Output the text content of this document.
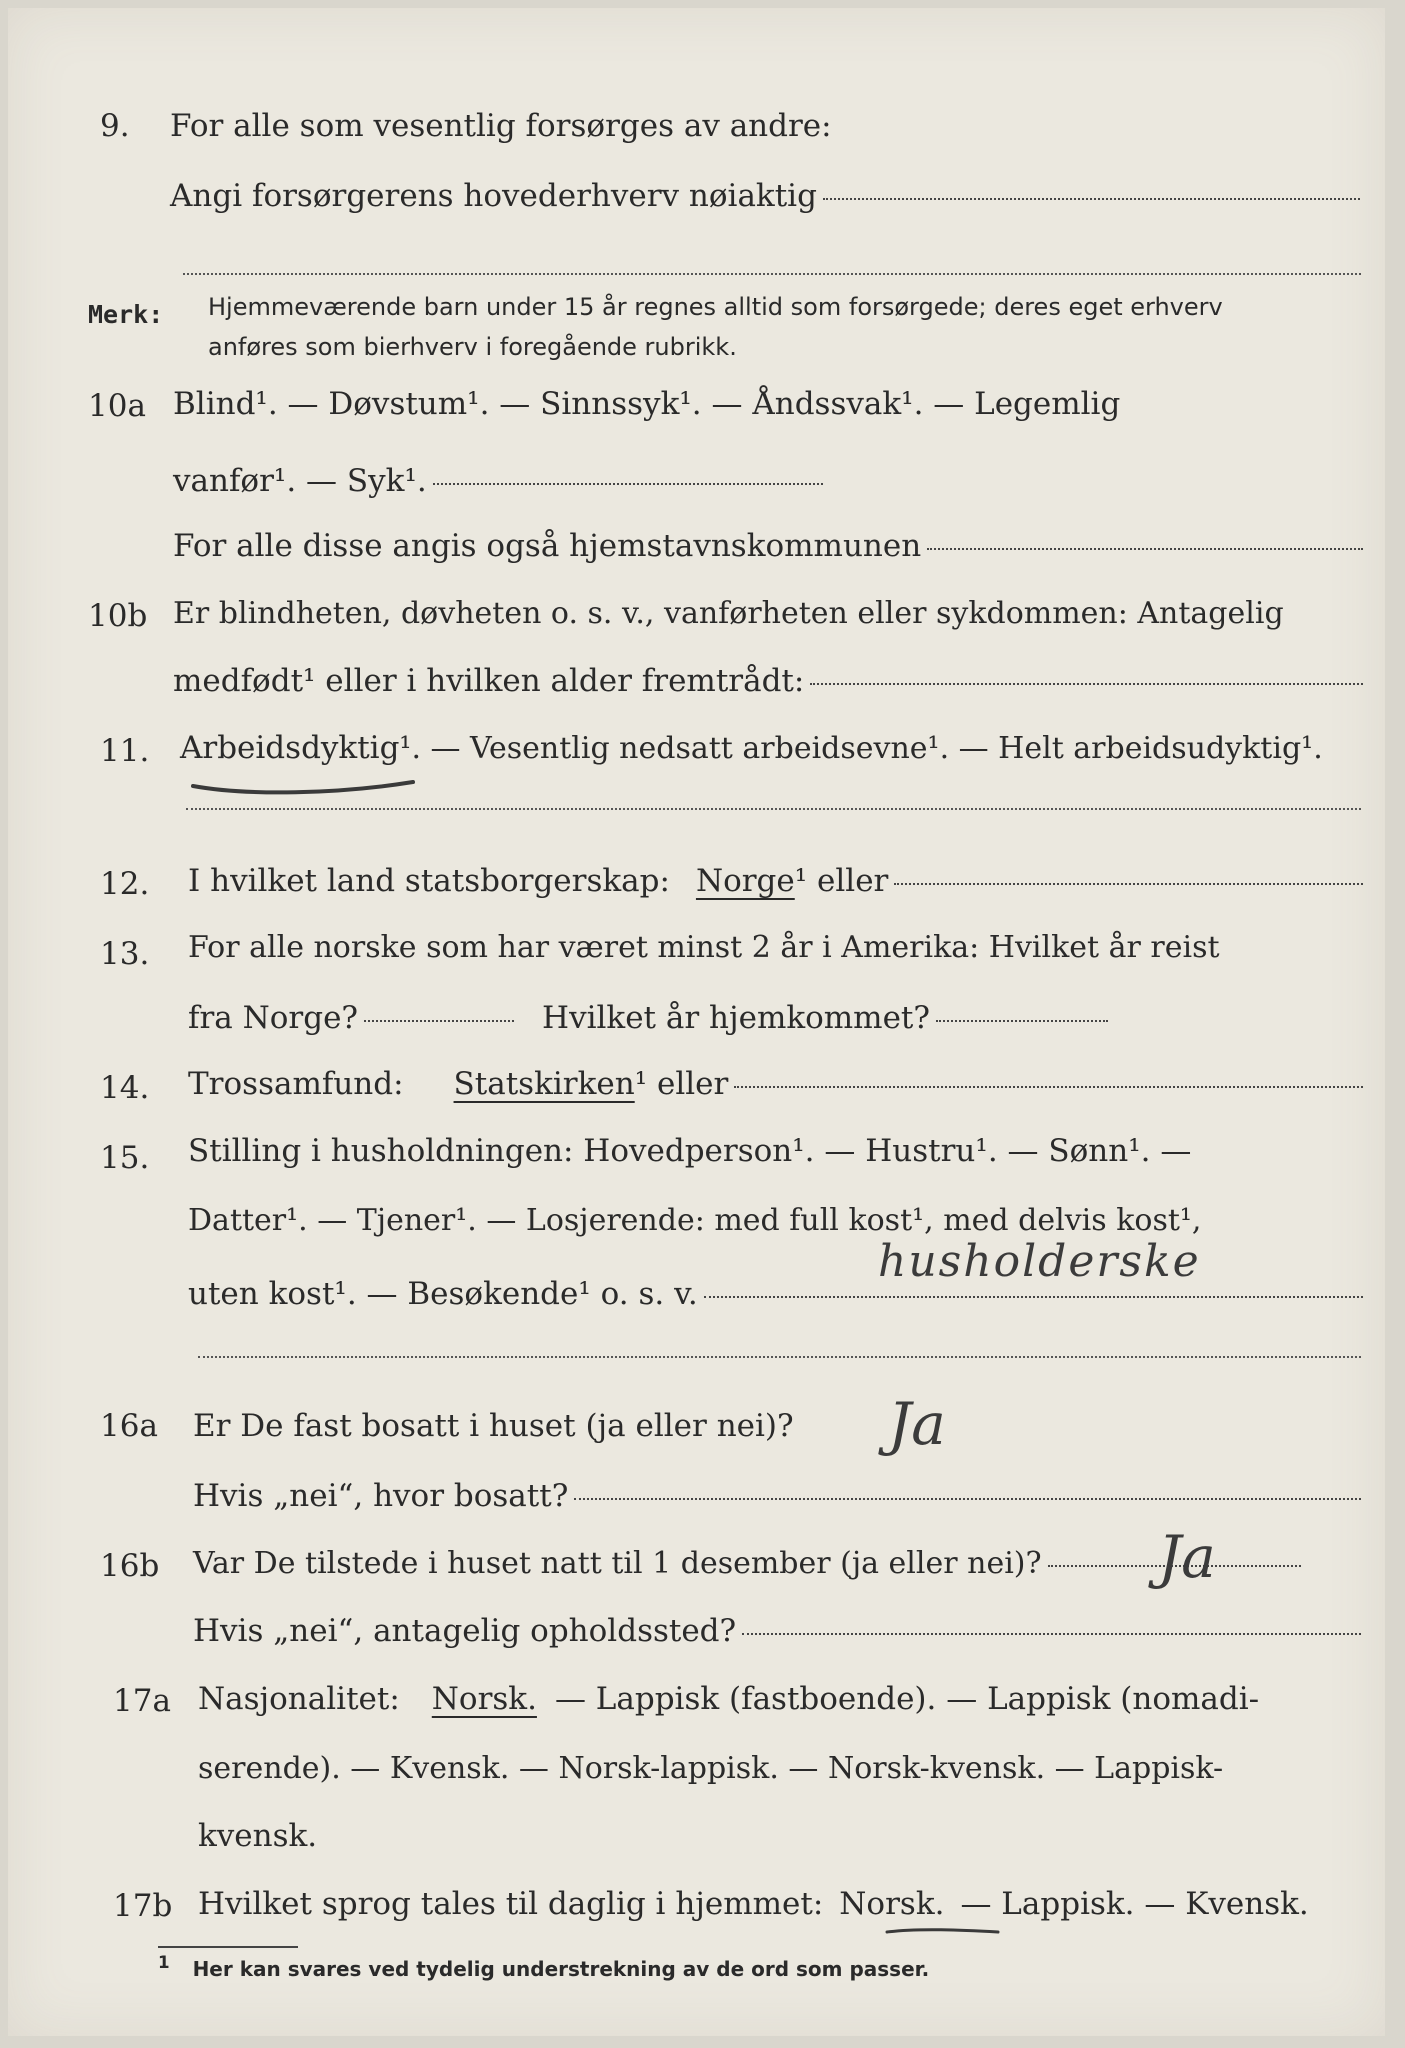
9. For alle som vesentlig forsørges av andre:
Angi forsørgerens hovederhverv nøiaktig
Merk: Hjemmeværende barn under 15 år regnes alltid som forsørgede; deres eget erhverv
anføres som bierhverv i foregående rubrikk.
10a Blind¹. — Døvstum¹. — Sinnssyk¹. — Åndssvak¹. — Legemlig
vanfør¹. — Syk¹.
For alle disse angis også hjemstavnskommunen
10b Er blindheten, døvheten o. s. v., vanførheten eller sykdommen: Antagelig
medfødt¹ eller i hvilken alder fremtrådt:
11. Arbeidsdyktig ¹. — Vesentlig nedsatt arbeidsevne¹. — Helt arbeidsudyktig¹.
12. I hvilket land statsborgerskap: Norge ¹ eller
13. For alle norske som har været minst 2 år i Amerika: Hvilket år reist
fra Norge?	Hvilket år hjemkommet?
14. Trossamfund: Statskirken ¹ eller
15. Stilling i husholdningen: Hovedperson¹. — Hustru¹. — Sønn¹. —
Datter¹. — Tjener¹. — Losjerende: med full kost¹, med delvis kost¹,
uten kost¹. — Besøkende¹ o. s. v.
husholderske
16a Er De fast bosatt i huset (ja eller nei)? Ja
Hvis „nei“, hvor bosatt?
16b Var De tilstede i huset natt til 1 desember (ja eller nei)? Ja
Hvis „nei“, antagelig opholdssted?
17a Nasjonalitet: Norsk. — Lappisk (fastboende). — Lappisk (nomadi-
serende). — Kvensk. — Norsk-lappisk. — Norsk-kvensk. — Lappisk-
kvensk.
17b Hvilket sprog tales til daglig i hjemmet: Norsk. — Lappisk. — Kvensk.
$^1$ Her kan svares ved tydelig understrekning av de ord som passer.
